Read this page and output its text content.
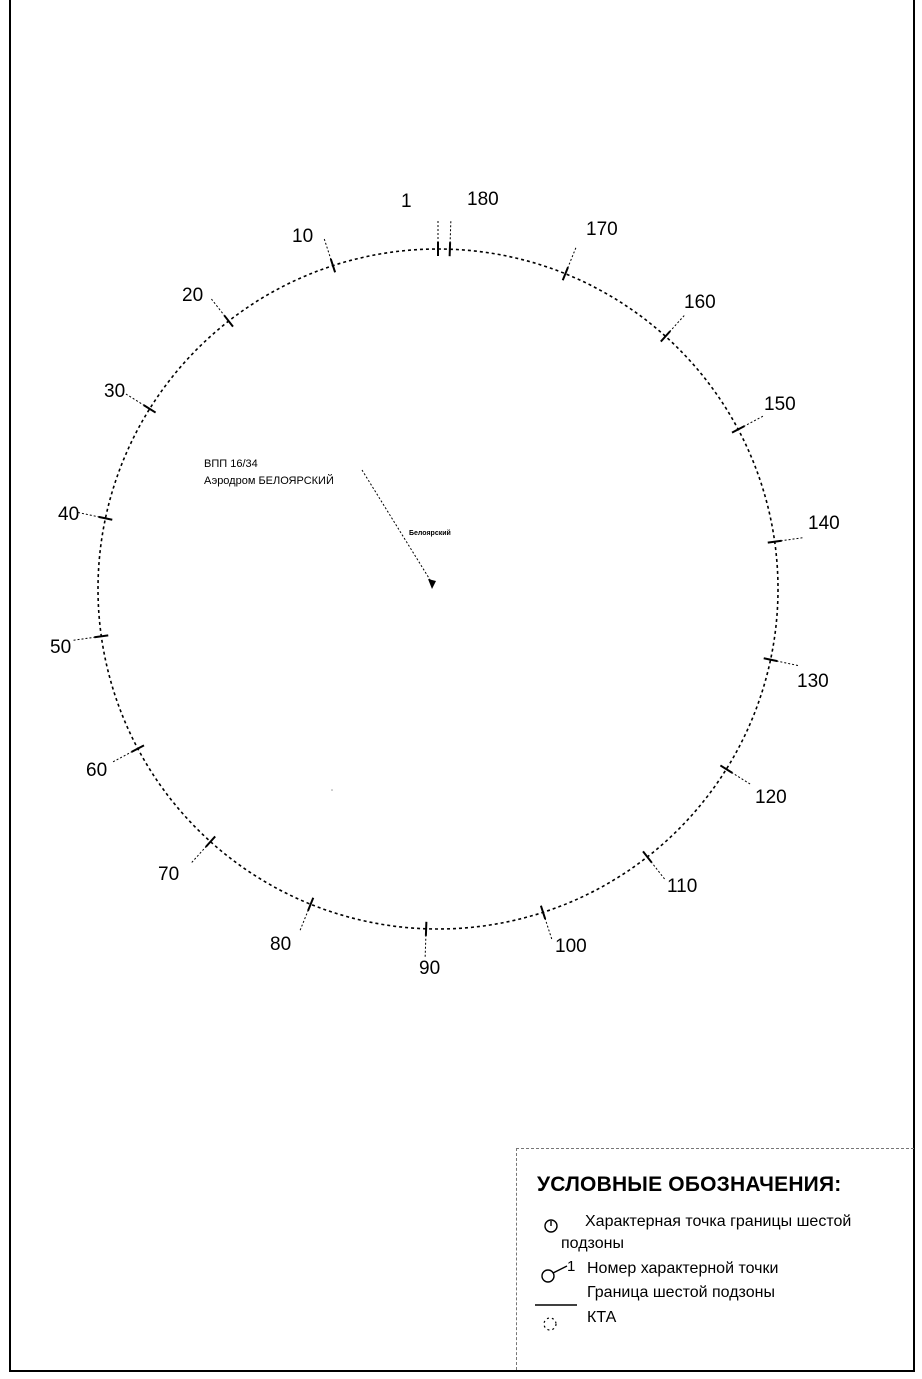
1
10
20
30
40
50
60
70
80
90
100
110
120
130
140
150
160
170
180
ВПП 16/34
Аэродром БЕЛОЯРСКИЙ
Белоярский
УСЛОВНЫЕ ОБОЗНАЧЕНИЯ:
Характерная точка границы шестой
подзоны
1 Номер характерной точки
Граница шестой подзоны
КТА
